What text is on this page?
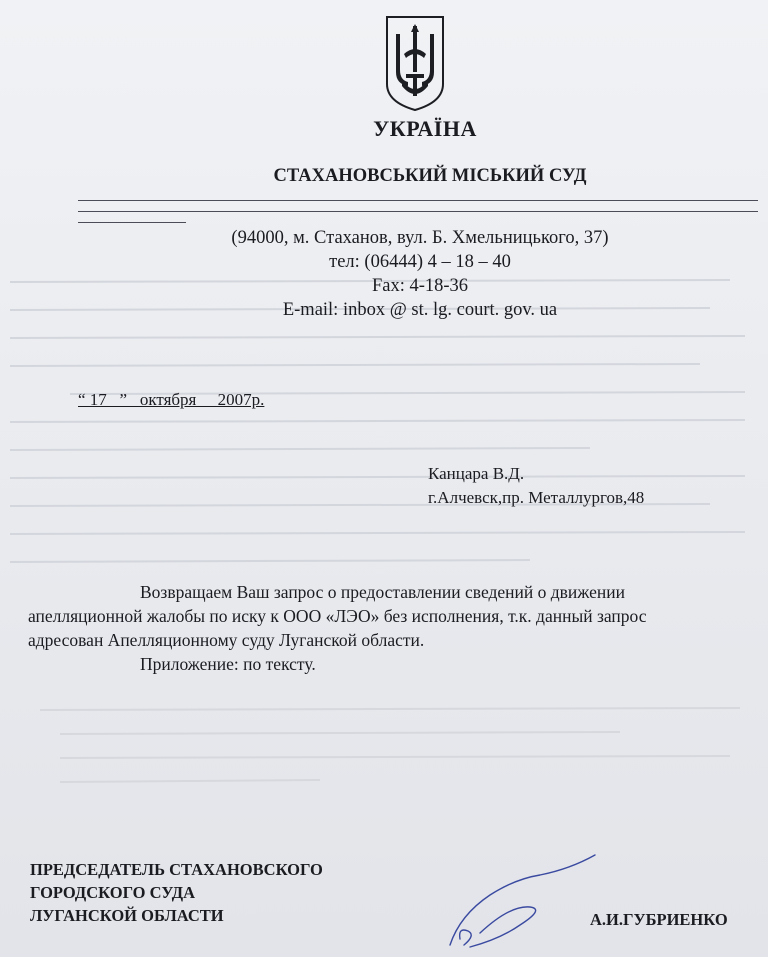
УКРАЇНА
СТАХАНОВСЬКИЙ МІСЬКИЙ СУД
(94000, м. Стаханов, вул. Б. Хмельницького, 37)
тел: (06444) 4 – 18 – 40
Fax: 4-18-36
E-mail: inbox @ st. lg. court. gov. ua
“ 17   ”   октября     2007р.
Канцара В.Д.
г.Алчевск,пр. Металлургов,48

Возвращаем Ваш запрос о предоставлении сведений о движении

апелляционной жалобы по иску к ООО «ЛЭО» без исполнения, т.к. данный запрос

адресован Апелляционному суду Луганской области.

Приложение: по тексту.

ПРЕДСЕДАТЕЛЬ СТАХАНОВСКОГО
ГОРОДСКОГО СУДА
ЛУГАНСКОЙ ОБЛАСТИ	А.И.ГУБРИЕНКО
